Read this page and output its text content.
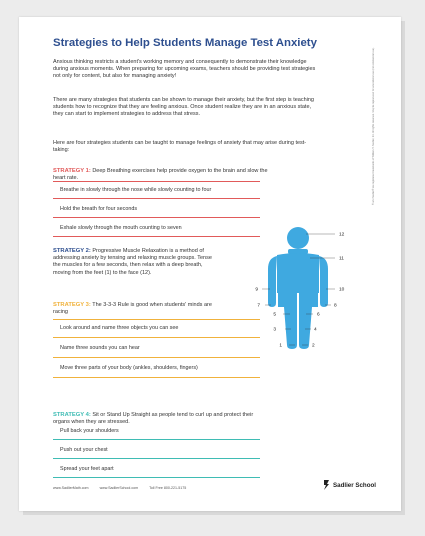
Strategies to Help Students Manage Test Anxiety
Anxious thinking restricts a student's working memory and consequently to demonstrate their knowledge during anxious moments. When preparing for upcoming exams, teachers should be providing test strategies not only for content, but also for managing anxiety!
There are many strategies that students can be shown to manage their anxiety, but the first step is teaching students how to recognize that they are feeling anxious. Once student realize they are in an anxious state, they can start to implement strategies to address that stress.
Here are four strategies students can be taught to manage feelings of anxiety that may arise during test-taking:
STRATEGY 1: Deep Breathing exercises help provide oxygen to the brain and slow the heart rate.
Breathe in slowly through the nose while slowly counting to four
Hold the breath for four seconds
Exhale slowly through the mouth counting to seven
STRATEGY 2: Progressive Muscle Relaxation is a method of addressing anxiety by tensing and relaxing muscle groups. Tense the muscles for a few seconds, then relax with a deep breath, moving from the feet (1) to the face (12).
STRATEGY 3: The 3-3-3 Rule is good when students' minds are racing
Look around and name three objects you can see
Name three sounds you can hear
Move three parts of your body (ankles, shoulders, fingers)
STRATEGY 4: Sit or Stand Up Straight as people tend to curl up and protect their organs when they are stressed.
Pull back your shoulders
Push out your chest
Spread your feet apart
1	2
3	4
5	6
7	8
9	10
11
12
www.SadlierMath.com	www.SadlierSchool.com	Toll Free 800-221-5175	Sadlier School
® and Sadlier® are registered trademarks of William H. Sadlier, Inc. All rights reserved. May be reproduced for educational use (not commercial use).
